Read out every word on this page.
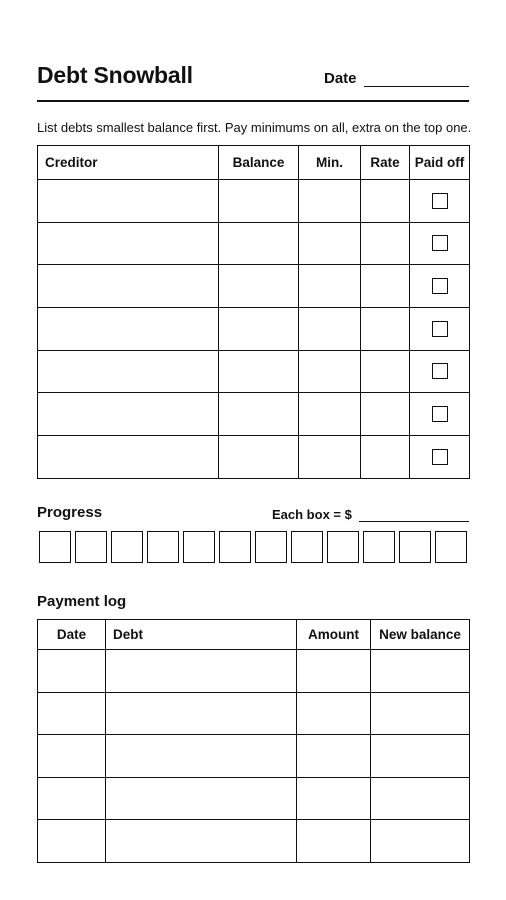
Debt Snowball	Date
List debts smallest balance first. Pay minimums on all, extra on the top one.
Creditor	Balance	Min.	Rate	Paid off

Progress	Each box = $
Payment log
Date	Debt	Amount	New balance
